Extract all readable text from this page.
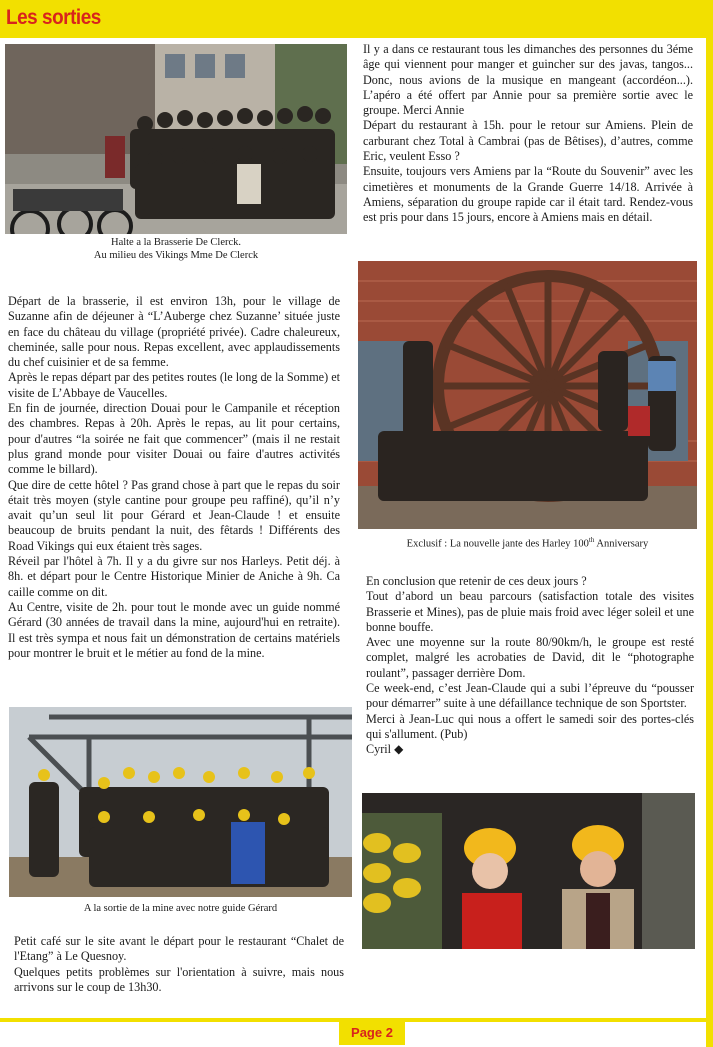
Les sorties
Halte a la Brasserie De Clerck.
Au milieu des Vikings Mme De Clerck

Départ de la brasserie, il est environ 13h, pour le village de Suzanne afin de déjeuner à “L’Auberge chez Suzanne’ située juste en face du château du village (propriété privée). Cadre chaleureux, cheminée, salle pour nous. Repas excellent, avec applaudissements du chef cuisinier et de sa femme.

Après le repas départ par des petites routes (le long de la Somme) et visite de L’Abbaye de Vaucelles.

En fin de journée, direction Douai pour le Campanile et réception des chambres. Repas à 20h. Après le repas, au lit pour certains, pour d'autres “la soirée ne fait que commencer” (mais il ne restait plus grand monde pour visiter Douai ou faire d'autres activités comme le billard).

Que dire de cette hôtel ? Pas grand chose à part que le repas du soir était très moyen (style cantine pour groupe peu raffiné), qu’il n’y avait qu’un seul lit pour Gérard et Jean-Claude ! et ensuite beaucoup de bruits pendant la nuit, des fêtards ! Différents des Road Vikings qui eux étaient très sages.

Réveil par l'hôtel à 7h. Il y a du givre sur nos Harleys. Petit déj. à 8h. et départ pour le Centre Historique Minier de Aniche à 9h. Ca caille comme on dit.

Au Centre, visite de 2h. pour tout le monde avec un guide nommé Gérard (30 années de travail dans la mine, aujourd'hui en retraite). Il est très sympa et nous fait un démonstration de certains matériels pour montrer le bruit et le métier au fond de la mine.

A la sortie de la mine avec notre guide Gérard

Petit café sur le site avant le départ pour le restaurant “Chalet de l'Etang” à Le Quesnoy.

Quelques petits problèmes sur l'orientation à suivre, mais nous arrivons sur le coup de 13h30.

Il y a dans ce restaurant tous les dimanches des personnes du 3éme âge qui viennent pour manger et guincher sur des javas, tangos... Donc, nous avions de la musique en mangeant (accordéon...). L’apéro a été offert par Annie pour sa première sortie avec le groupe. Merci Annie

Départ du restaurant à 15h. pour le retour sur Amiens. Plein de carburant chez Total à Cambrai (pas de Bêtises), d’autres, comme Eric, veulent Esso ?

Ensuite, toujours vers Amiens par la “Route du Souvenir” avec les cimetières et monuments de la Grande Guerre 14/18. Arrivée à Amiens, séparation du groupe rapide car il était tard. Rendez-vous est pris pour dans 15 jours, encore à Amiens mais en détail.

Exclusif : La nouvelle jante des Harley 100th Anniversary

En conclusion que retenir de ces deux jours ?

Tout d’abord un beau parcours (satisfaction totale des visites Brasserie et Mines), pas de pluie mais froid avec léger soleil et une bonne bouffe.

Avec une moyenne sur la route 80/90km/h, le groupe est resté complet, malgré les acrobaties de David, dit le “photographe roulant”, passager derrière Dom.

Ce week-end, c’est Jean-Claude qui a subi l’épreuve du “pousser pour démarrer” suite à une défaillance technique de son Sportster.

Merci à Jean-Luc qui nous a offert le samedi soir des portes-clés qui s'allument. (Pub)

Cyril ◆

Page 2
